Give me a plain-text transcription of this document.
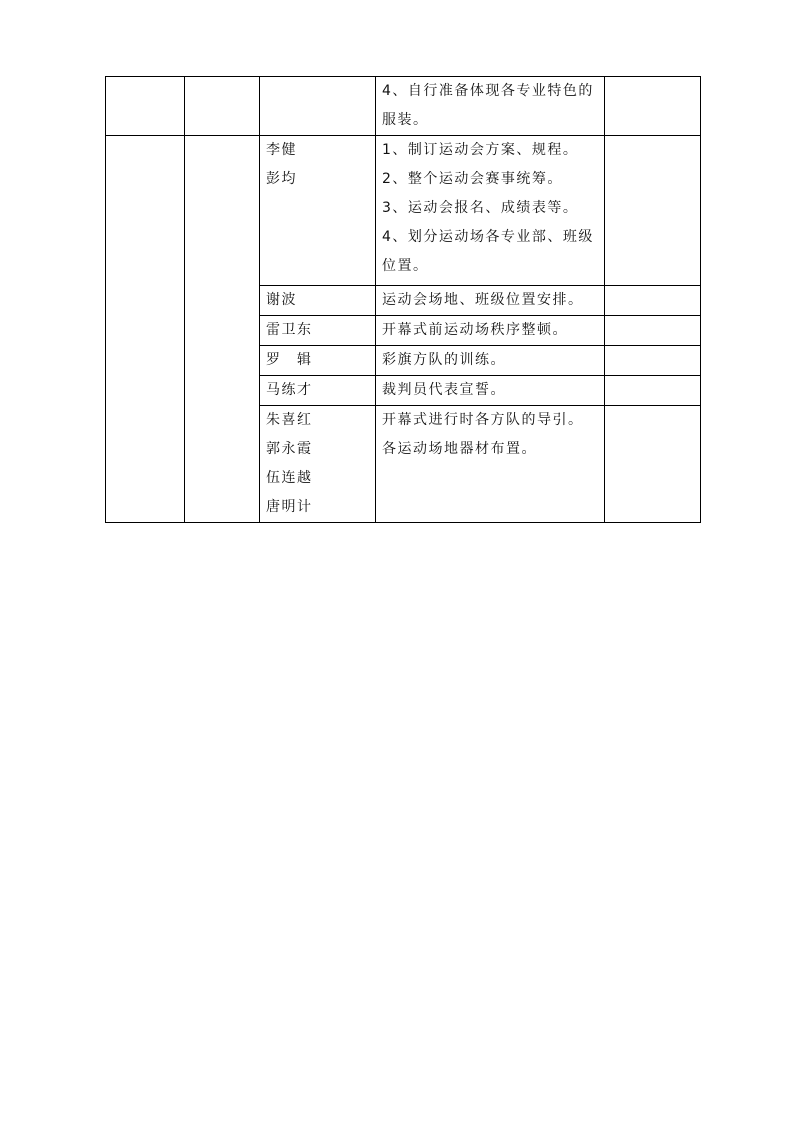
			4、自行准备体现各专业特色的
服装。	

		李健
彭均	1、制订运动会方案、规程。
2、整个运动会赛事统筹。
3、运动会报名、成绩表等。
4、划分运动场各专业部、班级
位置。	

		谢波	运动会场地、班级位置安排。	

		雷卫东	开幕式前运动场秩序整顿。	

		罗　辑	彩旗方队的训练。	

		马练才	裁判员代表宣誓。	

		朱喜红
郭永霞
伍连越
唐明计	开幕式进行时各方队的导引。
各运动场地器材布置。	
